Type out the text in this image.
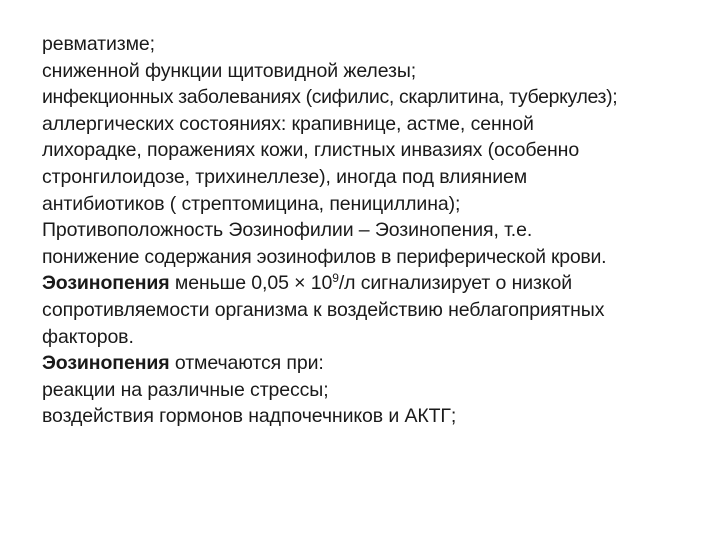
ревматизме;
сниженной функции щитовидной железы;
инфекционных заболеваниях (сифилис, скарлитина, туберкулез);
аллергических состояниях: крапивнице, астме, сенной
лихорадке, поражениях кожи, глистных инвазиях (особенно
стронгилоидозе, трихинеллезе), иногда под влиянием
антибиотиков ( стрептомицина, пенициллина);
Противоположность Эозинофилии – Эозинопения, т.е.
понижение содержания эозинофилов в периферической крови.
Эозинопения меньше $0,05 \times 10^9/л$ сигнализирует о низкой
сопротивляемости организма к воздействию неблагоприятных
факторов.
Эозинопения отмечаются при:
реакции на различные стрессы;
воздействия гормонов надпочечников и АКТГ;
